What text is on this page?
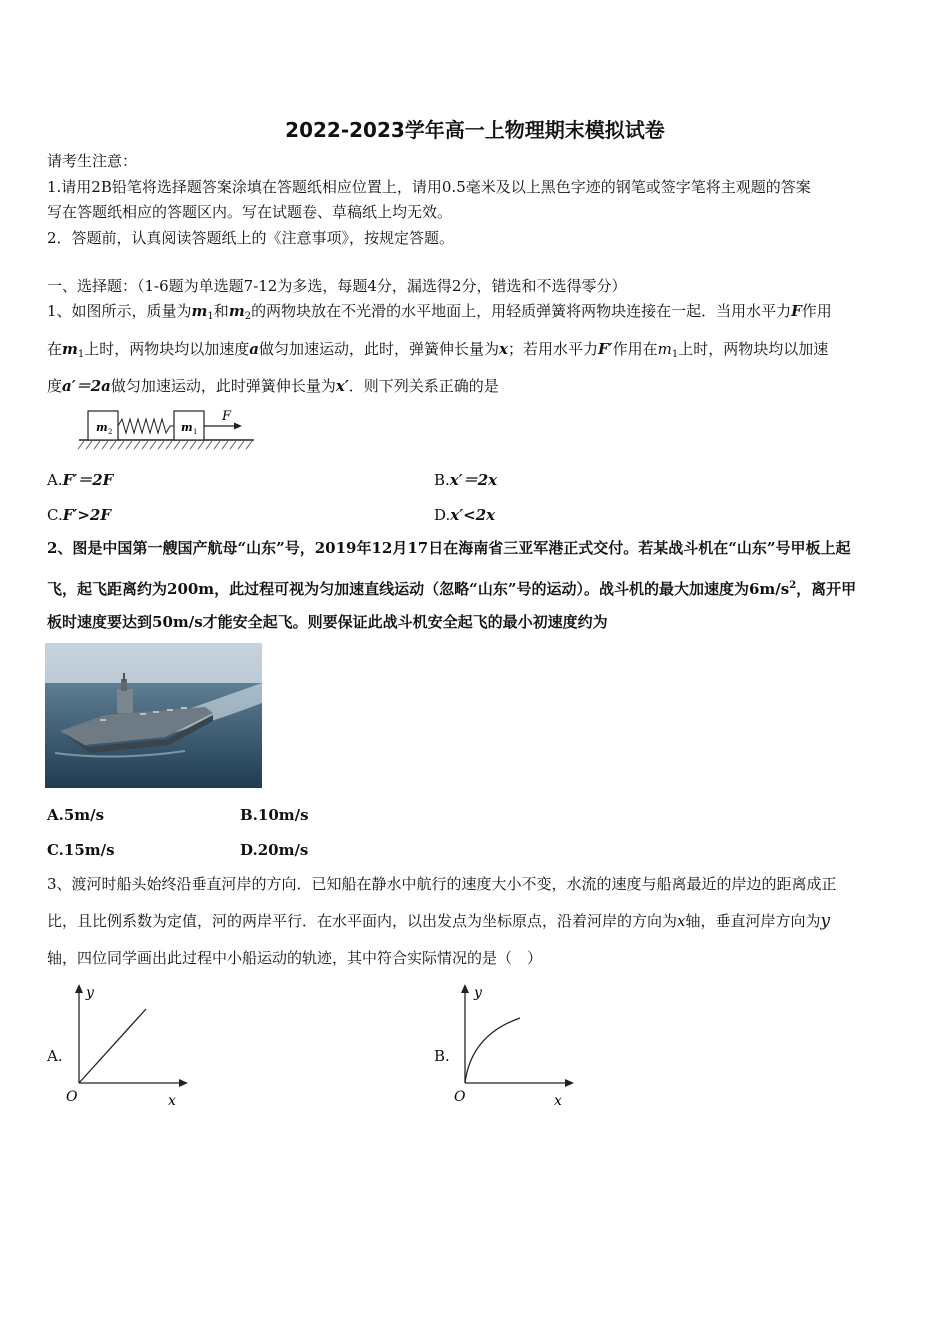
2022-2023学年高一上物理期末模拟试卷
请考生注意：
1.请用2B铅笔将选择题答案涂填在答题纸相应位置上，请用0.5毫米及以上黑色字迹的钢笔或签字笔将主观题的答案
写在答题纸相应的答题区内。写在试题卷、草稿纸上均无效。
2．答题前，认真阅读答题纸上的《注意事项》，按规定答题。
一、选择题：（1-6题为单选题7-12为多选，每题4分，漏选得2分，错选和不选得零分）
1、如图所示，质量为$m_1$和$m_2$的两物块放在不光滑的水平地面上，用轻质弹簧将两物块连接在一起．当用水平力F作用
在$m_1$上时，两物块均以加速度a做匀加速运动，此时，弹簧伸长量为x；若用水平力F′作用在$m_1$上时，两物块均以加速
度a′＝2a做匀加速运动，此时弹簧伸长量为x′．则下列关系正确的是
m 2	m 1
F
A.F′＝2F	B.x′＝2x
C.F′>2F	D.x′<2x
2、图是中国第一艘国产航母“山东”号，2019年12月17日在海南省三亚军港正式交付。若某战斗机在“山东”号甲板上起
飞，起飞距离约为200m，此过程可视为匀加速直线运动（忽略“山东”号的运动）。战斗机的最大加速度为$6m/s^2$，离开甲
板时速度要达到50m/s才能安全起飞。则要保证此战斗机安全起飞的最小初速度约为
A.5m/s	B.10m/s
C.15m/s	D.20m/s
3、渡河时船头始终沿垂直河岸的方向．已知船在静水中航行的速度大小不变，水流的速度与船离最近的岸边的距离成正
比，且比例系数为定值，河的两岸平行．在水平面内，以出发点为坐标原点，沿着河岸的方向为x轴，垂直河岸方向为y
轴，四位同学画出此过程中小船运动的轨迹，其中符合实际情况的是（　）
A.
y
x
O
B.
y
x
O
